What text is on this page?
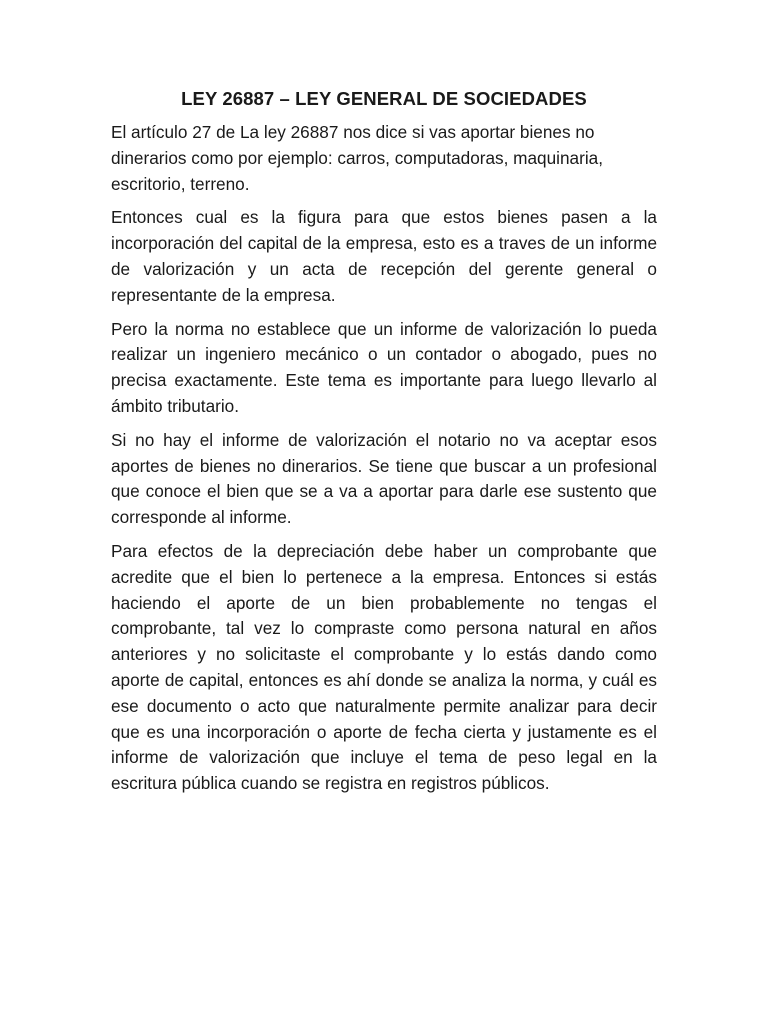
LEY 26887 – LEY GENERAL DE SOCIEDADES

El artículo 27 de La ley 26887 nos dice si vas aportar bienes no dinerarios como por ejemplo: carros, computadoras, maquinaria, escritorio, terreno.

Entonces cual es la figura para que estos bienes pasen a la incorporación del capital de la empresa, esto es a traves de un informe de valorización y un acta de recepción del gerente general o representante de la empresa.

Pero la norma no establece que un informe de valorización lo pueda realizar un ingeniero mecánico o un contador o abogado, pues no precisa exactamente. Este tema es importante para luego llevarlo al ámbito tributario.

Si no hay el informe de valorización el notario no va aceptar esos aportes de bienes no dinerarios. Se tiene que buscar a un profesional que conoce el bien que se a va a aportar para darle ese sustento que corresponde al informe.

Para efectos de la depreciación debe haber un comprobante que acredite que el bien lo pertenece a la empresa. Entonces si estás haciendo el aporte de un bien probablemente no tengas el comprobante, tal vez lo compraste como persona natural en años anteriores y no solicitaste el comprobante y lo estás dando como aporte de capital, entonces es ahí donde se analiza la norma, y cuál es ese documento o acto que naturalmente permite analizar para decir que es una incorporación o aporte de fecha cierta y justamente es el informe de valorización que incluye el tema de peso legal en la escritura pública cuando se registra en registros públicos.
